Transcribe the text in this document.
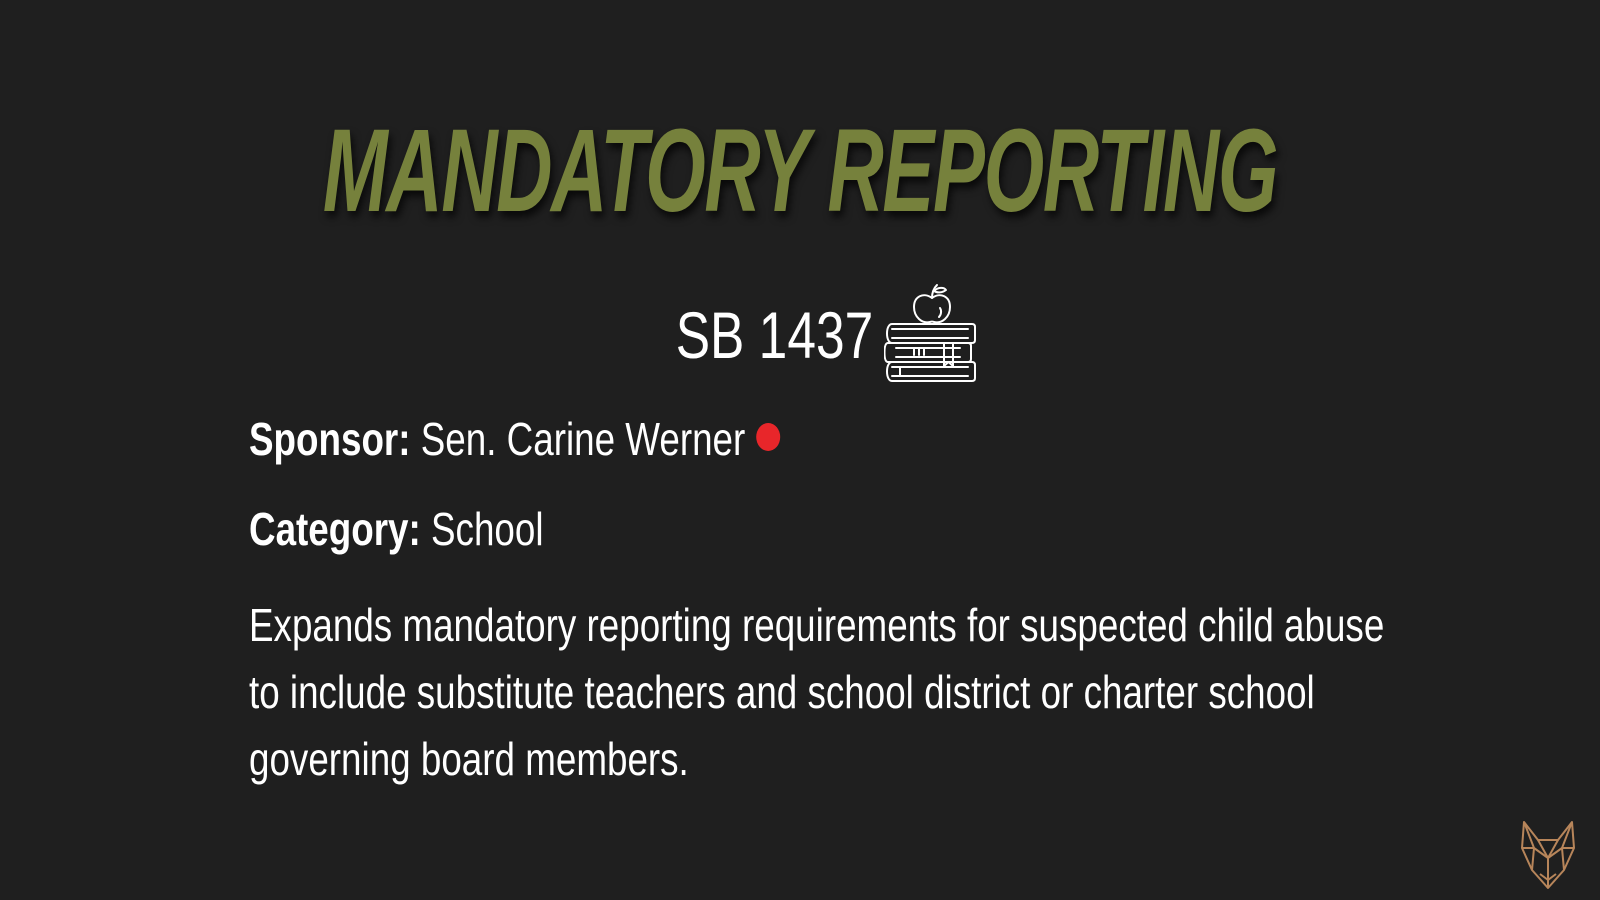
MANDATORY REPORTING
SB 1437
Sponsor: Sen. Carine Werner
Category: School
Expands mandatory reporting requirements for suspected child abuse to include substitute teachers and school district or charter school governing board members.
